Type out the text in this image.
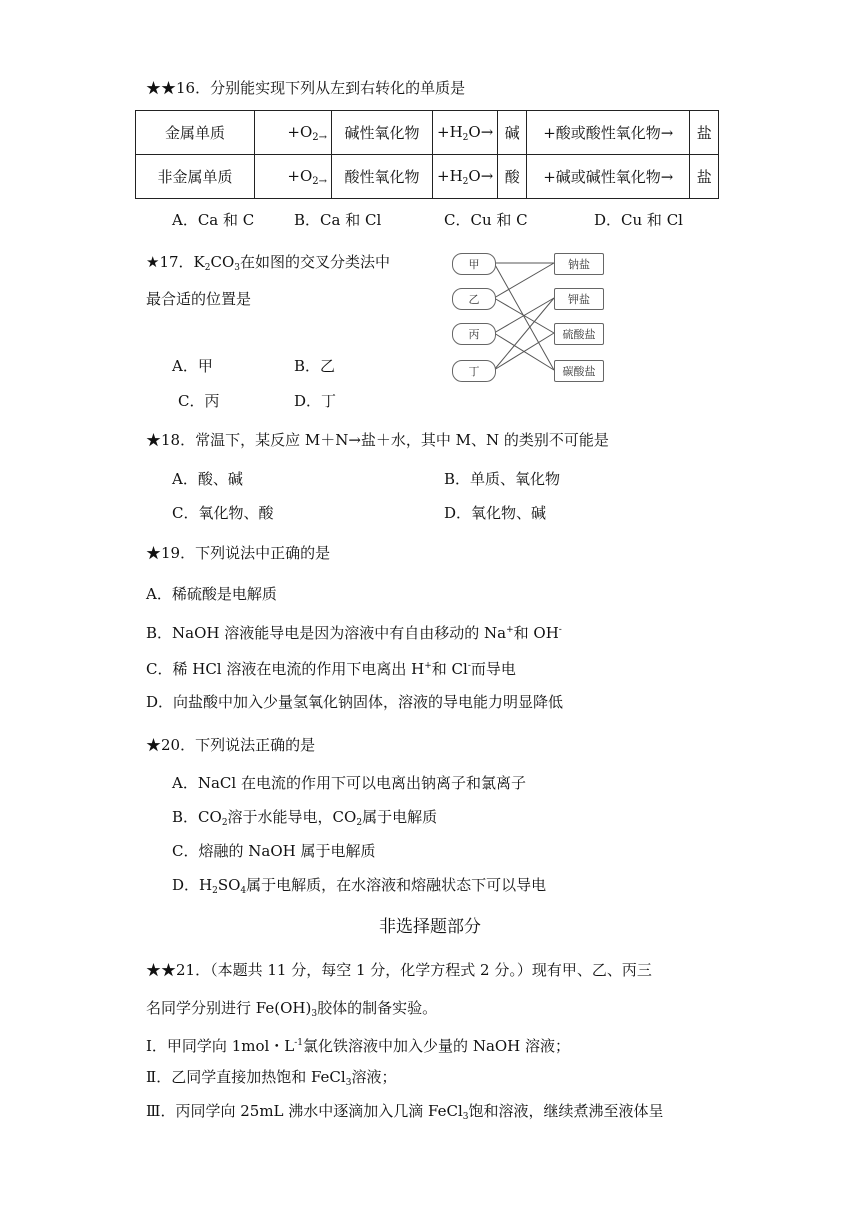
★★16．分别能实现下列从左到右转化的单质是
金属单质	$+O_{2\to}$	碱性氧化物	$+H_2O\to$	碱	+酸或酸性氧化物→	盐
非金属单质	$+O_{2\to}$	酸性氧化物	$+H_2O\to$	酸	+碱或碱性氧化物→	盐
A．Ca 和 C	B．Ca 和 Cl	C．Cu 和 C	D．Cu 和 Cl
★17．$K_2CO_3$在如图的交叉分类法中
最合适的位置是
A．甲	B．乙
C．丙	D．丁
甲
乙
丙
丁
钠盐
钾盐
硫酸盐
碳酸盐
★18．常温下，某反应 M＋N→盐＋水，其中 M、N 的类别不可能是
A．酸、碱	B．单质、氧化物
C．氧化物、酸	D．氧化物、碱
★19．下列说法中正确的是
A．稀硫酸是电解质
B．NaOH 溶液能导电是因为溶液中有自由移动的 Na+和 OH-
C．稀 HCl 溶液在电流的作用下电离出 H+和 Cl-而导电
D．向盐酸中加入少量氢氧化钠固体，溶液的导电能力明显降低
★20．下列说法正确的是
A．NaCl 在电流的作用下可以电离出钠离子和氯离子
B．$CO_2$溶于水能导电，$CO_2$属于电解质
C．熔融的 NaOH 属于电解质
D．$H_2SO_4$属于电解质，在水溶液和熔融状态下可以导电
非选择题部分
★★21．（本题共 11 分，每空 1 分，化学方程式 2 分。）现有甲、乙、丙三
名同学分别进行 $Fe(OH)_3$胶体的制备实验。
Ⅰ．甲同学向 1mol・$L^{-1}$氯化铁溶液中加入少量的 NaOH 溶液；
Ⅱ．乙同学直接加热饱和 FeCl$_3$溶液；
Ⅲ．丙同学向 25mL 沸水中逐滴加入几滴 FeCl$_3$饱和溶液，继续煮沸至液体呈
